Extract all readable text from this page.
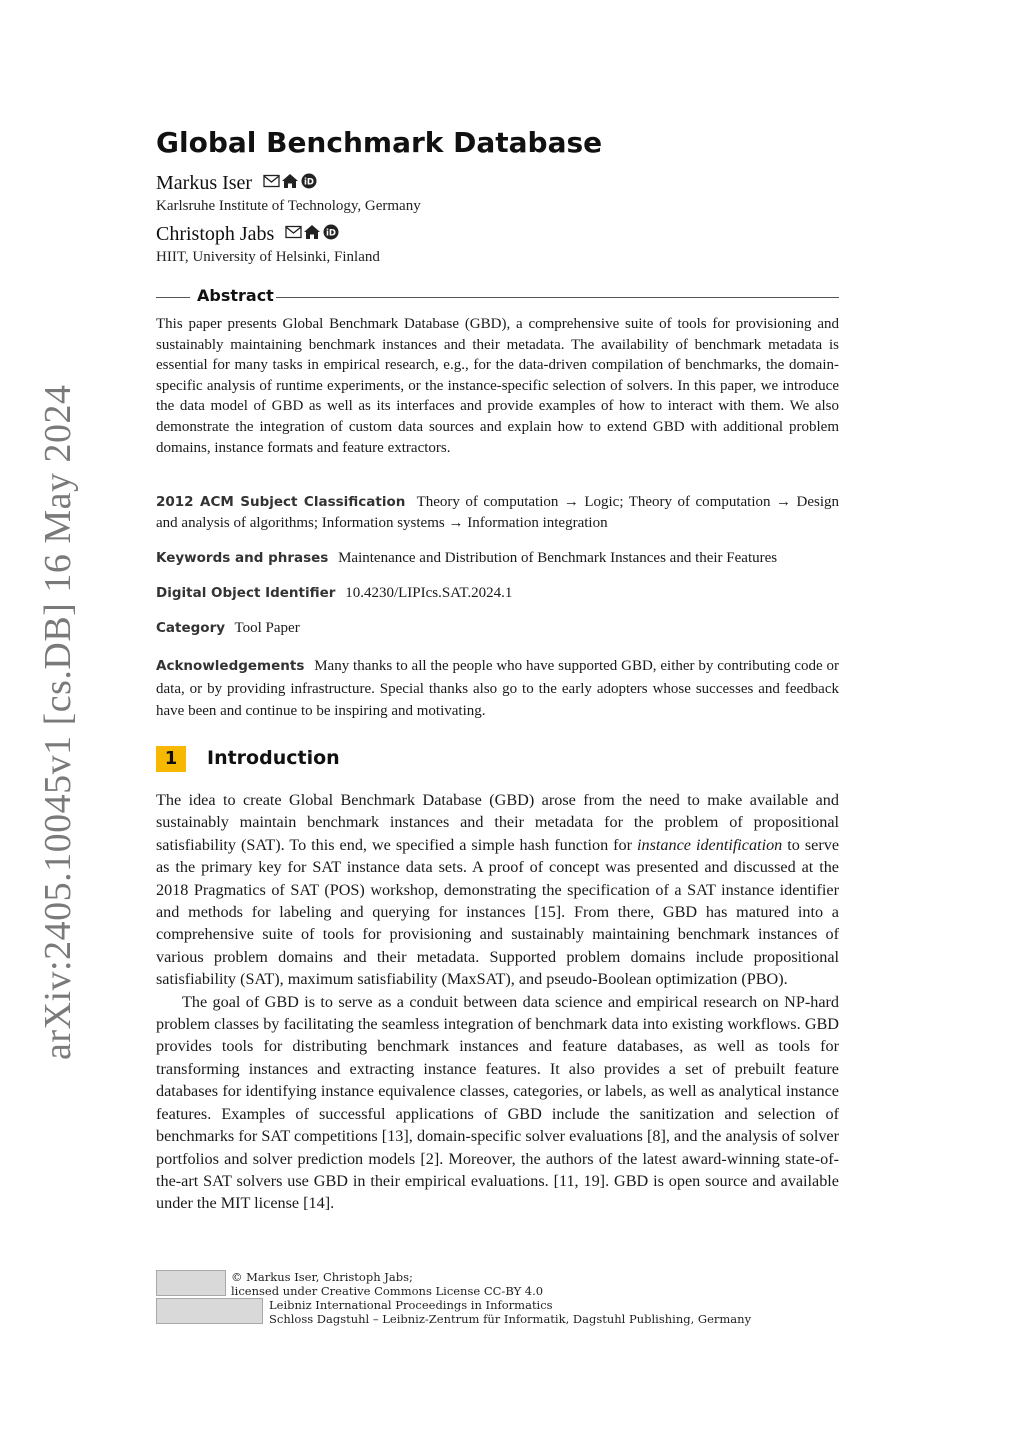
arXiv:2405.10045v1 [cs.DB] 16 May 2024
Global Benchmark Database
Markus Iser	iD
Karlsruhe Institute of Technology, Germany
Christoph Jabs	iD
HIIT, University of Helsinki, Finland
Abstract

This paper presents Global Benchmark Database (GBD), a comprehensive suite of tools for provisioning and sustainably maintaining benchmark instances and their metadata. The availability of benchmark metadata is essential for many tasks in empirical research, e.g., for the data-driven compilation of benchmarks, the domain-specific analysis of runtime experiments, or the instance-specific selection of solvers. In this paper, we introduce the data model of GBD as well as its interfaces and provide examples of how to interact with them. We also demonstrate the integration of custom data sources and explain how to extend GBD with additional problem domains, instance formats and feature extractors.

2012 ACM Subject Classification Theory of computation → Logic; Theory of computation → Design and analysis of algorithms; Information systems → Information integration

Keywords and phrases Maintenance and Distribution of Benchmark Instances and their Features

Digital Object Identifier 10.4230/LIPIcs.SAT.2024.1

Category Tool Paper

Acknowledgements Many thanks to all the people who have supported GBD, either by contributing code or data, or by providing infrastructure. Special thanks also go to the early adopters whose successes and feedback have been and continue to be inspiring and motivating.

1	Introduction

The idea to create Global Benchmark Database (GBD) arose from the need to make available and sustainably maintain benchmark instances and their metadata for the problem of propositional satisfiability (SAT). To this end, we specified a simple hash function for instance identification to serve as the primary key for SAT instance data sets. A proof of concept was presented and discussed at the 2018 Pragmatics of SAT (POS) workshop, demonstrating the specification of a SAT instance identifier and methods for labeling and querying for instances [15]. From there, GBD has matured into a comprehensive suite of tools for provisioning and sustainably maintaining benchmark instances of various problem domains and their metadata. Supported problem domains include propositional satisfiability (SAT), maximum satisfiability (MaxSAT), and pseudo-Boolean optimization (PBO).

The goal of GBD is to serve as a conduit between data science and empirical research on NP-hard problem classes by facilitating the seamless integration of benchmark data into existing workflows. GBD provides tools for distributing benchmark instances and feature databases, as well as tools for transforming instances and extracting instance features. It also provides a set of prebuilt feature databases for identifying instance equivalence classes, categories, or labels, as well as analytical instance features. Examples of successful applications of GBD include the sanitization and selection of benchmarks for SAT competitions [13], domain-specific solver evaluations [8], and the analysis of solver portfolios and solver prediction models [2]. Moreover, the authors of the latest award-winning state-of-the-art SAT solvers use GBD in their empirical evaluations. [11, 19]. GBD is open source and available under the MIT license [14].

© Markus Iser, Christoph Jabs;
licensed under Creative Commons License CC-BY 4.0
Leibniz International Proceedings in Informatics
Schloss Dagstuhl – Leibniz-Zentrum für Informatik, Dagstuhl Publishing, Germany
